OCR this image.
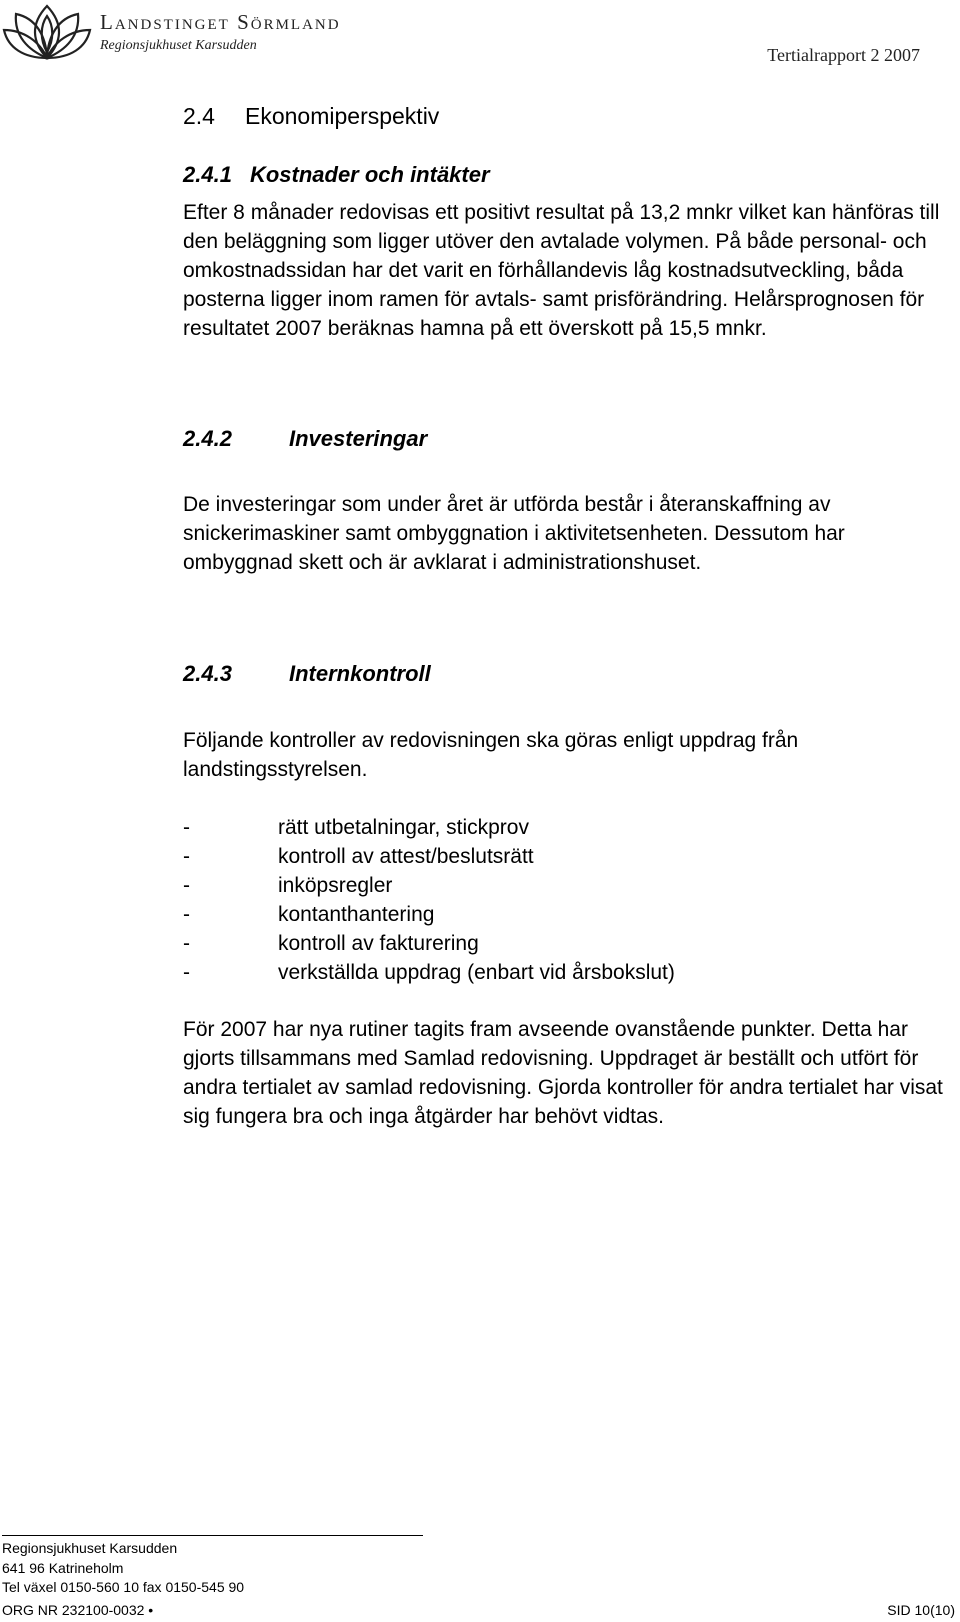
Landstinget Sörmland
Regionsjukhuset Karsudden	Tertialrapport 2 2007
2.4 Ekonomiperspektiv
2.4.1 Kostnader och intäkter

Efter 8 månader redovisas ett positivt resultat på 13,2 mnkr vilket kan hänföras till den beläggning som ligger utöver den avtalade volymen. På både personal- och omkostnadssidan har det varit en förhållandevis låg kostnadsutveckling, båda posterna ligger inom ramen för avtals- samt prisförändring. Helårsprognosen för resultatet 2007 beräknas hamna på ett överskott på 15,5 mnkr.

2.4.2	Investeringar

De investeringar som under året är utförda består i återanskaffning av snickerimaskiner samt ombyggnation i aktivitetsenheten. Dessutom har ombyggnad skett och är avklarat i administrationshuset.

2.4.3	Internkontroll

Följande kontroller av redovisningen ska göras enligt uppdrag från landstingsstyrelsen.

-	rätt utbetalningar, stickprov
-	kontroll av attest/beslutsrätt
-	inköpsregler
-	kontanthantering
-	kontroll av fakturering
-	verkställda uppdrag (enbart vid årsbokslut)

För 2007 har nya rutiner tagits fram avseende ovanstående punkter. Detta har gjorts tillsammans med Samlad redovisning. Uppdraget är beställt och utfört för andra tertialet av samlad redovisning. Gjorda kontroller för andra tertialet har visat sig fungera bra och inga åtgärder har behövt vidtas.

Regionsjukhuset Karsudden
641 96 Katrineholm
Tel växel 0150-560 10 fax 0150-545 90
ORG NR 232100-0032 •	SID 10(10)
